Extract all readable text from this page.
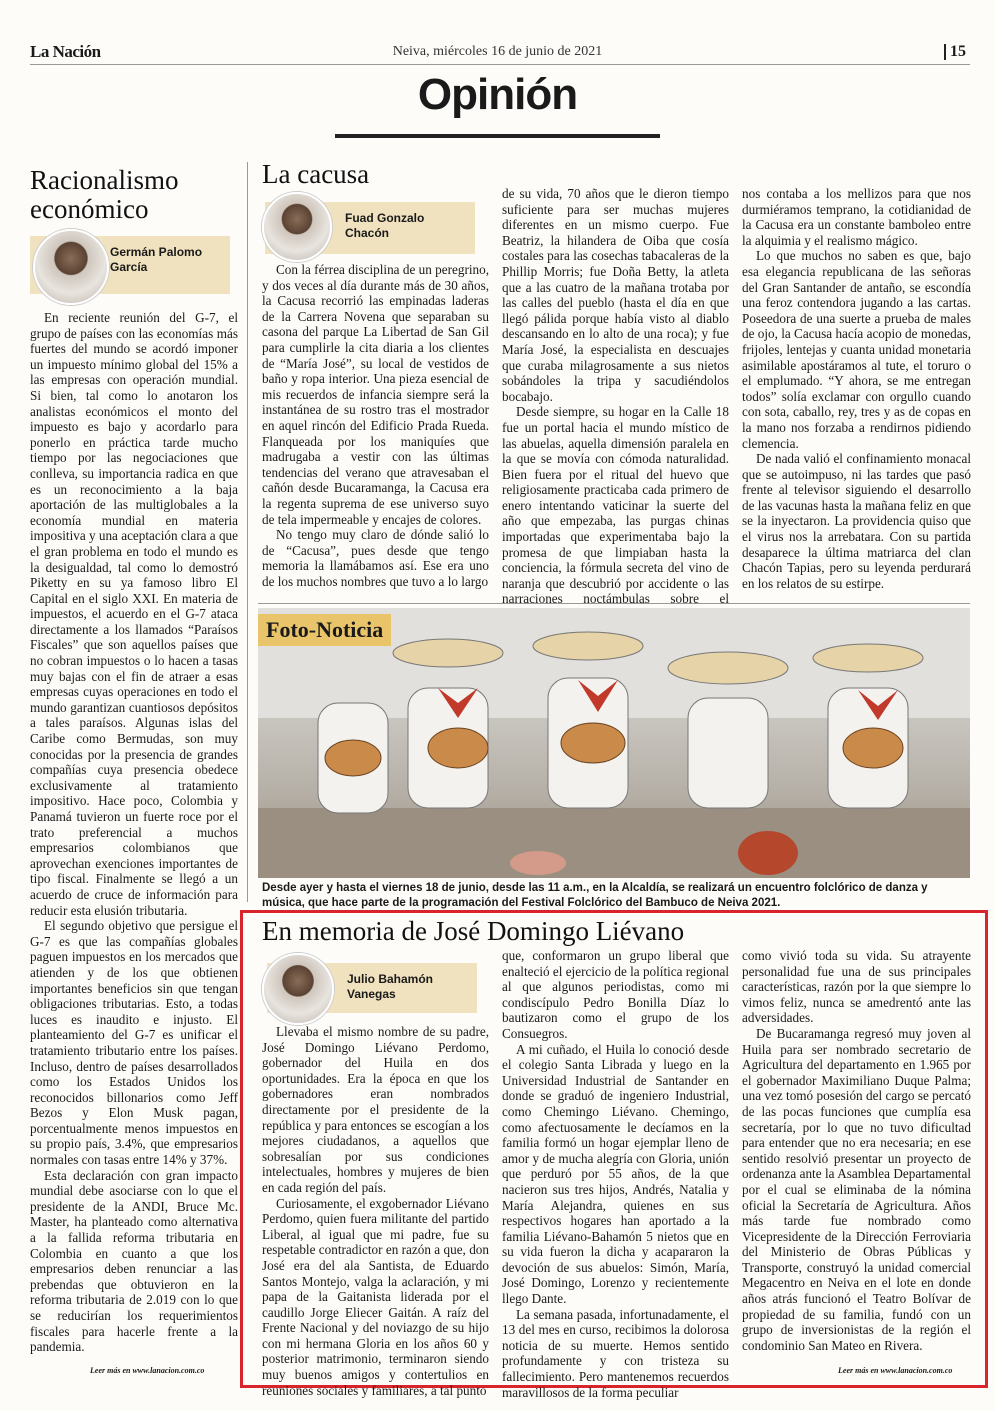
La Nación	Neiva, miércoles 16 de junio de 2021	15
Opinión
Racionalismo económico
Germán Palomo García

En reciente reunión del G-7, el grupo de países con las economías más fuertes del mundo se acordó imponer un impuesto mínimo global del 15% a las empresas con operación mundial. Si bien, tal como lo anotaron los analistas económicos el monto del impuesto es bajo y acordarlo para ponerlo en práctica tarde mucho tiempo por las negociaciones que conlleva, su importancia radica en que es un reconocimiento a la baja aportación de las multiglobales a la economía mundial en materia impositiva y una aceptación clara a que el gran problema en todo el mundo es la desigualdad, tal como lo demostró Piketty en su ya famoso libro El Capital en el siglo XXI. En materia de impuestos, el acuerdo en el G-7 ataca directamente a los llamados “Paraísos Fiscales” que son aquellos países que no cobran impuestos o lo hacen a tasas muy bajas con el fin de atraer a esas empresas cuyas operaciones en todo el mundo garantizan cuantiosos depósitos a tales paraísos. Algunas islas del Caribe como Bermudas, son muy conocidas por la presencia de grandes compañías cuya presencia obedece exclusivamente al tratamiento impositivo. Hace poco, Colombia y Panamá tuvieron un fuerte roce por el trato preferencial a muchos empresarios colombianos que aprovechan exenciones importantes de tipo fiscal. Finalmente se llegó a un acuerdo de cruce de información para reducir esta elusión tributaria.

El segundo objetivo que persigue el G-7 es que las compañías globales paguen impuestos en los mercados que atienden y de los que obtienen importantes beneficios sin que tengan obligaciones tributarias. Esto, a todas luces es inaudito e injusto. El planteamiento del G-7 es unificar el tratamiento tributario entre los países. Incluso, dentro de países desarrollados como los Estados Unidos los reconocidos billonarios como Jeff Bezos y Elon Musk pagan, porcentualmente menos impuestos en su propio país, 3.4%, que empresarios normales con tasas entre 14% y 37%.

Esta declaración con gran impacto mundial debe asociarse con lo que el presidente de la ANDI, Bruce Mc. Master, ha planteado como alternativa a la fallida reforma tributaria en Colombia en cuanto a que los empresarios deben renunciar a las prebendas que obtuvieron en la reforma tributaria de 2.019 con lo que se reducirían los requerimientos fiscales para hacerle frente a la pandemia.

Leer más en www.lanacion.com.co
La cacusa
Fuad Gonzalo Chacón

Con la férrea disciplina de un peregrino, y dos veces al día durante más de 30 años, la Cacusa recorrió las empinadas laderas de la Carrera Novena que separaban su casona del parque La Libertad de San Gil para cumplirle la cita diaria a los clientes de “María José”, su local de vestidos de baño y ropa interior. Una pieza esencial de mis recuerdos de infancia siempre será la instantánea de su rostro tras el mostrador en aquel rincón del Edificio Prada Rueda. Flanqueada por los maniquíes que madrugaba a vestir con las últimas tendencias del verano que atravesaban el cañón desde Bucaramanga, la Cacusa era la regenta suprema de ese universo suyo de tela impermeable y encajes de colores.

No tengo muy claro de dónde salió lo de “Cacusa”, pues desde que tengo memoria la llamábamos así. Ese era uno de los muchos nombres que tuvo a lo largo

de su vida, 70 años que le dieron tiempo suficiente para ser muchas mujeres diferentes en un mismo cuerpo. Fue Beatriz, la hilandera de Oiba que cosía costales para las cosechas tabacaleras de la Phillip Morris; fue Doña Betty, la atleta que a las cuatro de la mañana trotaba por las calles del pueblo (hasta el día en que llegó pálida porque había visto al diablo descansando en lo alto de una roca); y fue María José, la especialista en descuajes que curaba milagrosamente a sus nietos sobándoles la tripa y sacudiéndolos bocabajo.

Desde siempre, su hogar en la Calle 18 fue un portal hacia el mundo místico de las abuelas, aquella dimensión paralela en la que se movía con cómoda naturalidad. Bien fuera por el ritual del huevo que religiosamente practicaba cada primero de enero intentando vaticinar la suerte del año que empezaba, las purgas chinas importadas que experimentaba bajo la promesa de que limpiaban hasta la conciencia, la fórmula secreta del vino de naranja que descubrió por accidente o las narraciones noctámbulas sobre el

nos contaba a los mellizos para que nos durmiéramos temprano, la cotidianidad de la Cacusa era un constante bamboleo entre la alquimia y el realismo mágico.

Lo que muchos no saben es que, bajo esa elegancia republicana de las señoras del Gran Santander de antaño, se escondía una feroz contendora jugando a las cartas. Poseedora de una suerte a prueba de males de ojo, la Cacusa hacía acopio de monedas, frijoles, lentejas y cuanta unidad monetaria asimilable apostáramos al tute, el toruro o el emplumado. “Y ahora, se me entregan todos” solía exclamar con orgullo cuando con sota, caballo, rey, tres y as de copas en la mano nos forzaba a rendirnos pidiendo clemencia.

De nada valió el confinamiento monacal que se autoimpuso, ni las tardes que pasó frente al televisor siguiendo el desarrollo de las vacunas hasta la mañana feliz en que se la inyectaron. La providencia quiso que el virus nos la arrebatara. Con su partida desaparece la última matriarca del clan Chacón Tapias, pero su leyenda perdurará en los relatos de su estirpe.

Foto-Noticia
Desde ayer y hasta el viernes 18 de junio, desde las 11 a.m., en la Alcaldía, se realizará un encuentro folclórico de danza y música, que hace parte de la programación del Festival Folclórico del Bambuco de Neiva 2021.
En memoria de José Domingo Liévano
Julio Bahamón Vanegas

Llevaba el mismo nombre de su padre, José Domingo Liévano Perdomo, gobernador del Huila en dos oportunidades. Era la época en que los gobernadores eran nombrados directamente por el presidente de la república y para entonces se escogían a los mejores ciudadanos, a aquellos que sobresalían por sus condiciones intelectuales, hombres y mujeres de bien en cada región del país.

Curiosamente, el exgobernador Liévano Perdomo, quien fuera militante del partido Liberal, al igual que mi padre, fue su respetable contradictor en razón a que, don José era del ala Santista, de Eduardo Santos Montejo, valga la aclaración, y mi papa de la Gaitanista liderada por el caudillo Jorge Eliecer Gaitán. A raíz del Frente Nacional y del noviazgo de su hijo con mi hermana Gloria en los años 60 y posterior matrimonio, terminaron siendo muy buenos amigos y contertulios en reuniones sociales y familiares, a tal punto

que, conformaron un grupo liberal que enalteció el ejercicio de la política regional al que algunos periodistas, como mi condiscípulo Pedro Bonilla Díaz lo bautizaron como el grupo de los Consuegros.

A mi cuñado, el Huila lo conoció desde el colegio Santa Librada y luego en la Universidad Industrial de Santander en donde se graduó de ingeniero Industrial, como Chemingo Liévano. Chemingo, como afectuosamente le decíamos en la familia formó un hogar ejemplar lleno de amor y de mucha alegría con Gloria, unión que perduró por 55 años, de la que nacieron sus tres hijos, Andrés, Natalia y María Alejandra, quienes en sus respectivos hogares han aportado a la familia Liévano-Bahamón 5 nietos que en su vida fueron la dicha y acapararon la devoción de sus abuelos: Simón, María, José Domingo, Lorenzo y recientemente llego Dante.

La semana pasada, infortunadamente, el 13 del mes en curso, recibimos la dolorosa noticia de su muerte. Hemos sentido profundamente y con tristeza su fallecimiento. Pero mantenemos recuerdos maravillosos de la forma peculiar

como vivió toda su vida. Su atrayente personalidad fue una de sus principales características, razón por la que siempre lo vimos feliz, nunca se amedrentó ante las adversidades.

De Bucaramanga regresó muy joven al Huila para ser nombrado secretario de Agricultura del departamento en 1.965 por el gobernador Maximiliano Duque Palma; una vez tomó posesión del cargo se percató de las pocas funciones que cumplía esa secretaría, por lo que no tuvo dificultad para entender que no era necesaria; en ese sentido resolvió presentar un proyecto de ordenanza ante la Asamblea Departamental por el cual se eliminaba de la nómina oficial la Secretaría de Agricultura. Años más tarde fue nombrado como Vicepresidente de la Dirección Ferroviaria del Ministerio de Obras Públicas y Transporte, construyó la unidad comercial Megacentro en Neiva en el lote en donde años atrás funcionó el Teatro Bolívar de propiedad de su familia, fundó con un grupo de inversionistas de la región el condominio San Mateo en Rivera.

Leer más en www.lanacion.com.co
